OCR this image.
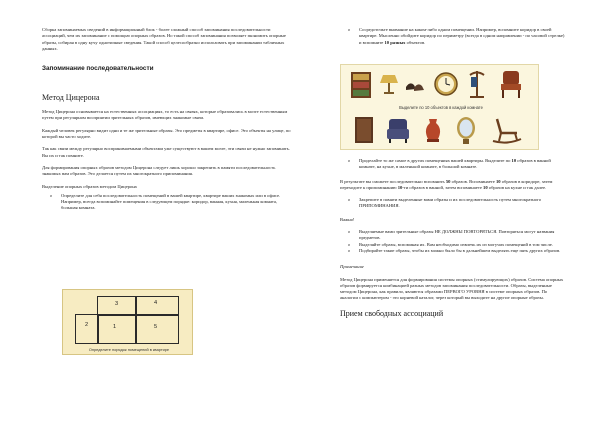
Сборка запоминаемых сведений в информационный блок - более сложный способ запоминания последовательности ассоциаций, чем их запоминание с помощью опорных образов. Но такой способ запоминания позволяет экономить опорные образы, собирая в одну кучу однотипные сведения. Такой способ целесообразно использовать при запоминании табличных данных.

Запоминание последовательности
Метод Цицерона

Метод Цицерона основывается на естественных ассоциациях, то есть на связях, которые образовались в мозге естественным путем при регулярном восприятии зрительных образов, имеющих знакомые связи.

Каждый человек регулярно видит одни и те же зрительные образы. Это предметы в квартире, офисе. Это объекты на улице, по которой вы часто ходите.

Так как связи между регулярно воспринимаемыми объектами уже существуют в вашем мозге, эти связи не нужно запоминать. Вы их и так помните.

Для формирования опорных образов методом Цицерона следует лишь хорошо закрепить в памяти последовательность знакомых вам образов. Это делается путем их многократного припоминания.

Выделение опорных образов методом Цицерона

o Определите для себя последовательность помещений в вашей квартире, квартире ваших знакомых или в офисе. Например, всегда вспоминайте помещения в следующем порядке: коридор, ванная, кухня, маленькая комната, большая комната.
1
2
3	4
5
Определите порядок помещений в квартире
o Сосредоточьте внимание на каком-либо одном помещении. Например, вспомните коридор в своей квартире. Мысленно обойдите коридор по периметру (всегда в одном направлении - по часовой стрелке) и вспомните 10 разных объектов.
Выделите по 10 объектов в каждой комнате
o Проделайте то же самое в других помещениях вашей квартиры. Выделите по 10 образов в ванной комнате, на кухне, в маленькой комнате, в большой комнате.

В результате вы сможете последовательно вспомнить 50 образов. Вспоминаете 10 образов в коридоре, затем переходите к припоминанию 10-ти образов в ванной, затем вспоминаете 10 образов на кухне и так далее.

o Закрепите в памяти выделенные вами образы и их последовательность путем многократного ПРИПОМИНАНИЯ.

Важно!

o Выделяемые вами зрительные образы НЕ ДОЛЖНЫ ПОВТОРЯТЬСЯ. Повторяться могут названия предметов.
o Выделяйте образы, вспоминая их. Вам необходимо извлечь их из могучих помещений в том числе.
o Подбирайте такие образы, чтобы их можно было бы в дальнейшем выделять еще пять других образов.

Примечание

Метод Цицерона применяется для формирования системы опорных (стимулирующих) образов. Система опорных образов формируется комбинацией разных методов запоминания последовательности. Образы, выделенные методом Цицерона, как правило, являются образами ПЕРВОГО УРОВНЯ в системе опорных образов. По аналогии с компьютером - это корневой каталог, через который вы выходите на другие опорные образы.

Прием свободных ассоциаций
